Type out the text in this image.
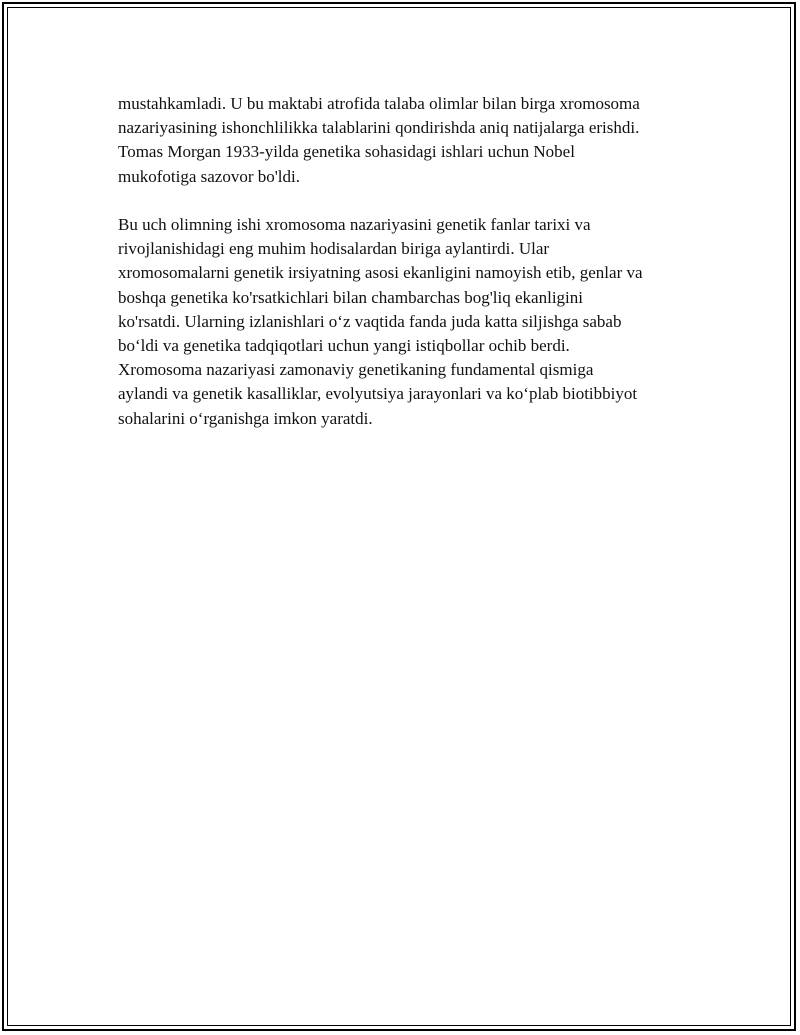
mustahkamladi. U bu maktabi atrofida talaba olimlar bilan birga xromosoma
nazariyasining ishonchlilikka talablarini qondirishda aniq natijalarga erishdi.
Tomas Morgan 1933-yilda genetika sohasidagi ishlari uchun Nobel
mukofotiga sazovor bo'ldi.

Bu uch olimning ishi xromosoma nazariyasini genetik fanlar tarixi va
rivojlanishidagi eng muhim hodisalardan biriga aylantirdi. Ular
xromosomalarni genetik irsiyatning asosi ekanligini namoyish etib, genlar va
boshqa genetika ko'rsatkichlari bilan chambarchas bog'liq ekanligini
ko'rsatdi. Ularning izlanishlari o‘z vaqtida fanda juda katta siljishga sabab
bo‘ldi va genetika tadqiqotlari uchun yangi istiqbollar ochib berdi.
Xromosoma nazariyasi zamonaviy genetikaning fundamental qismiga
aylandi va genetik kasalliklar, evolyutsiya jarayonlari va ko‘plab biotibbiyot
sohalarini o‘rganishga imkon yaratdi.
